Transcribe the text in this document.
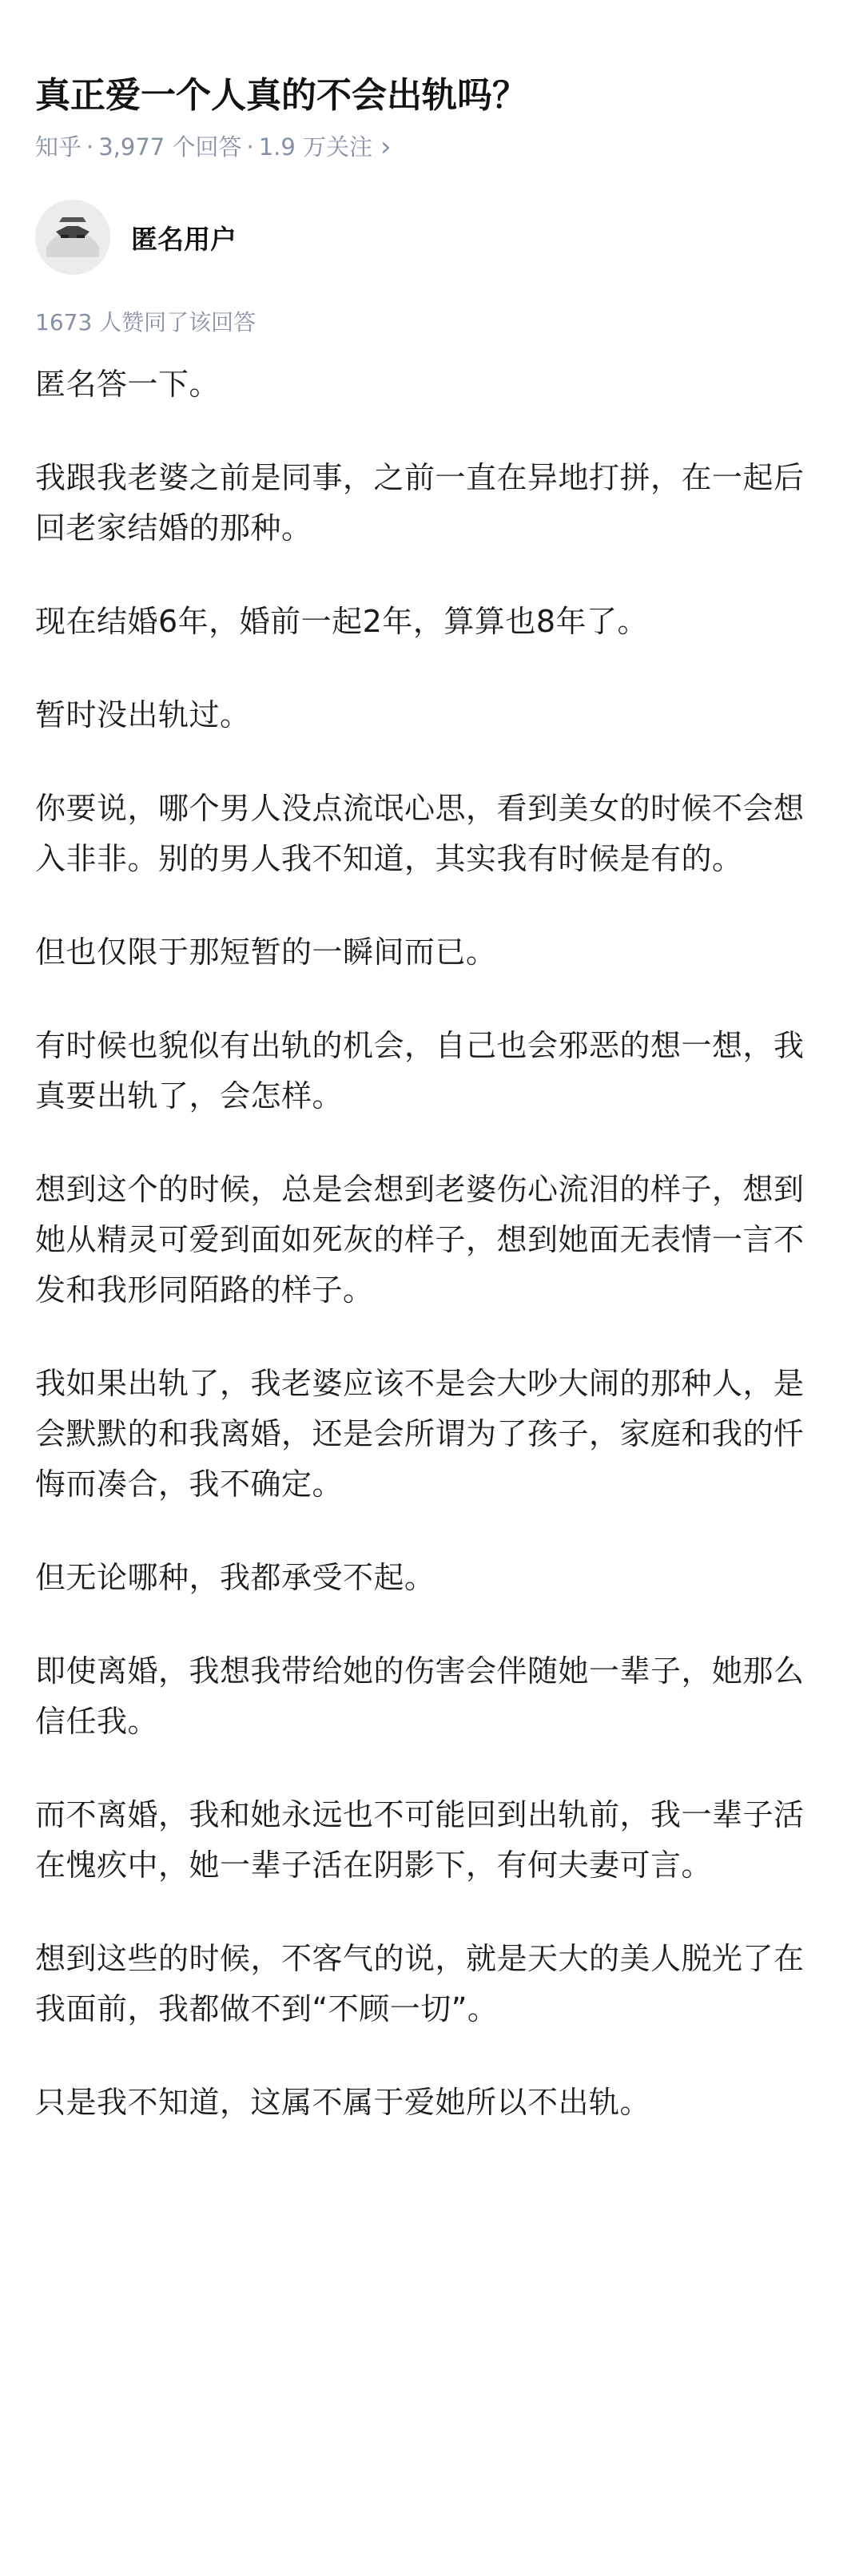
真正爱一个人真的不会出轨吗？
知乎 · 3,977 个回答 · 1.9 万关注 ›
匿名用户
1673 人赞同了该回答

匿名答一下。

我跟我老婆之前是同事，之前一直在异地打拼，在一起后回老家结婚的那种。

现在结婚6年，婚前一起2年，算算也8年了。

暂时没出轨过。

你要说，哪个男人没点流氓心思，看到美女的时候不会想入非非。别的男人我不知道，其实我有时候是有的。

但也仅限于那短暂的一瞬间而已。

有时候也貌似有出轨的机会，自己也会邪恶的想一想，我真要出轨了，会怎样。

想到这个的时候，总是会想到老婆伤心流泪的样子，想到她从精灵可爱到面如死灰的样子，想到她面无表情一言不发和我形同陌路的样子。

我如果出轨了，我老婆应该不是会大吵大闹的那种人，是会默默的和我离婚，还是会所谓为了孩子，家庭和我的忏悔而凑合，我不确定。

但无论哪种，我都承受不起。

即使离婚，我想我带给她的伤害会伴随她一辈子，她那么信任我。

而不离婚，我和她永远也不可能回到出轨前，我一辈子活在愧疚中，她一辈子活在阴影下，有何夫妻可言。

想到这些的时候，不客气的说，就是天大的美人脱光了在我面前，我都做不到“不顾一切”。

只是我不知道，这属不属于爱她所以不出轨。
